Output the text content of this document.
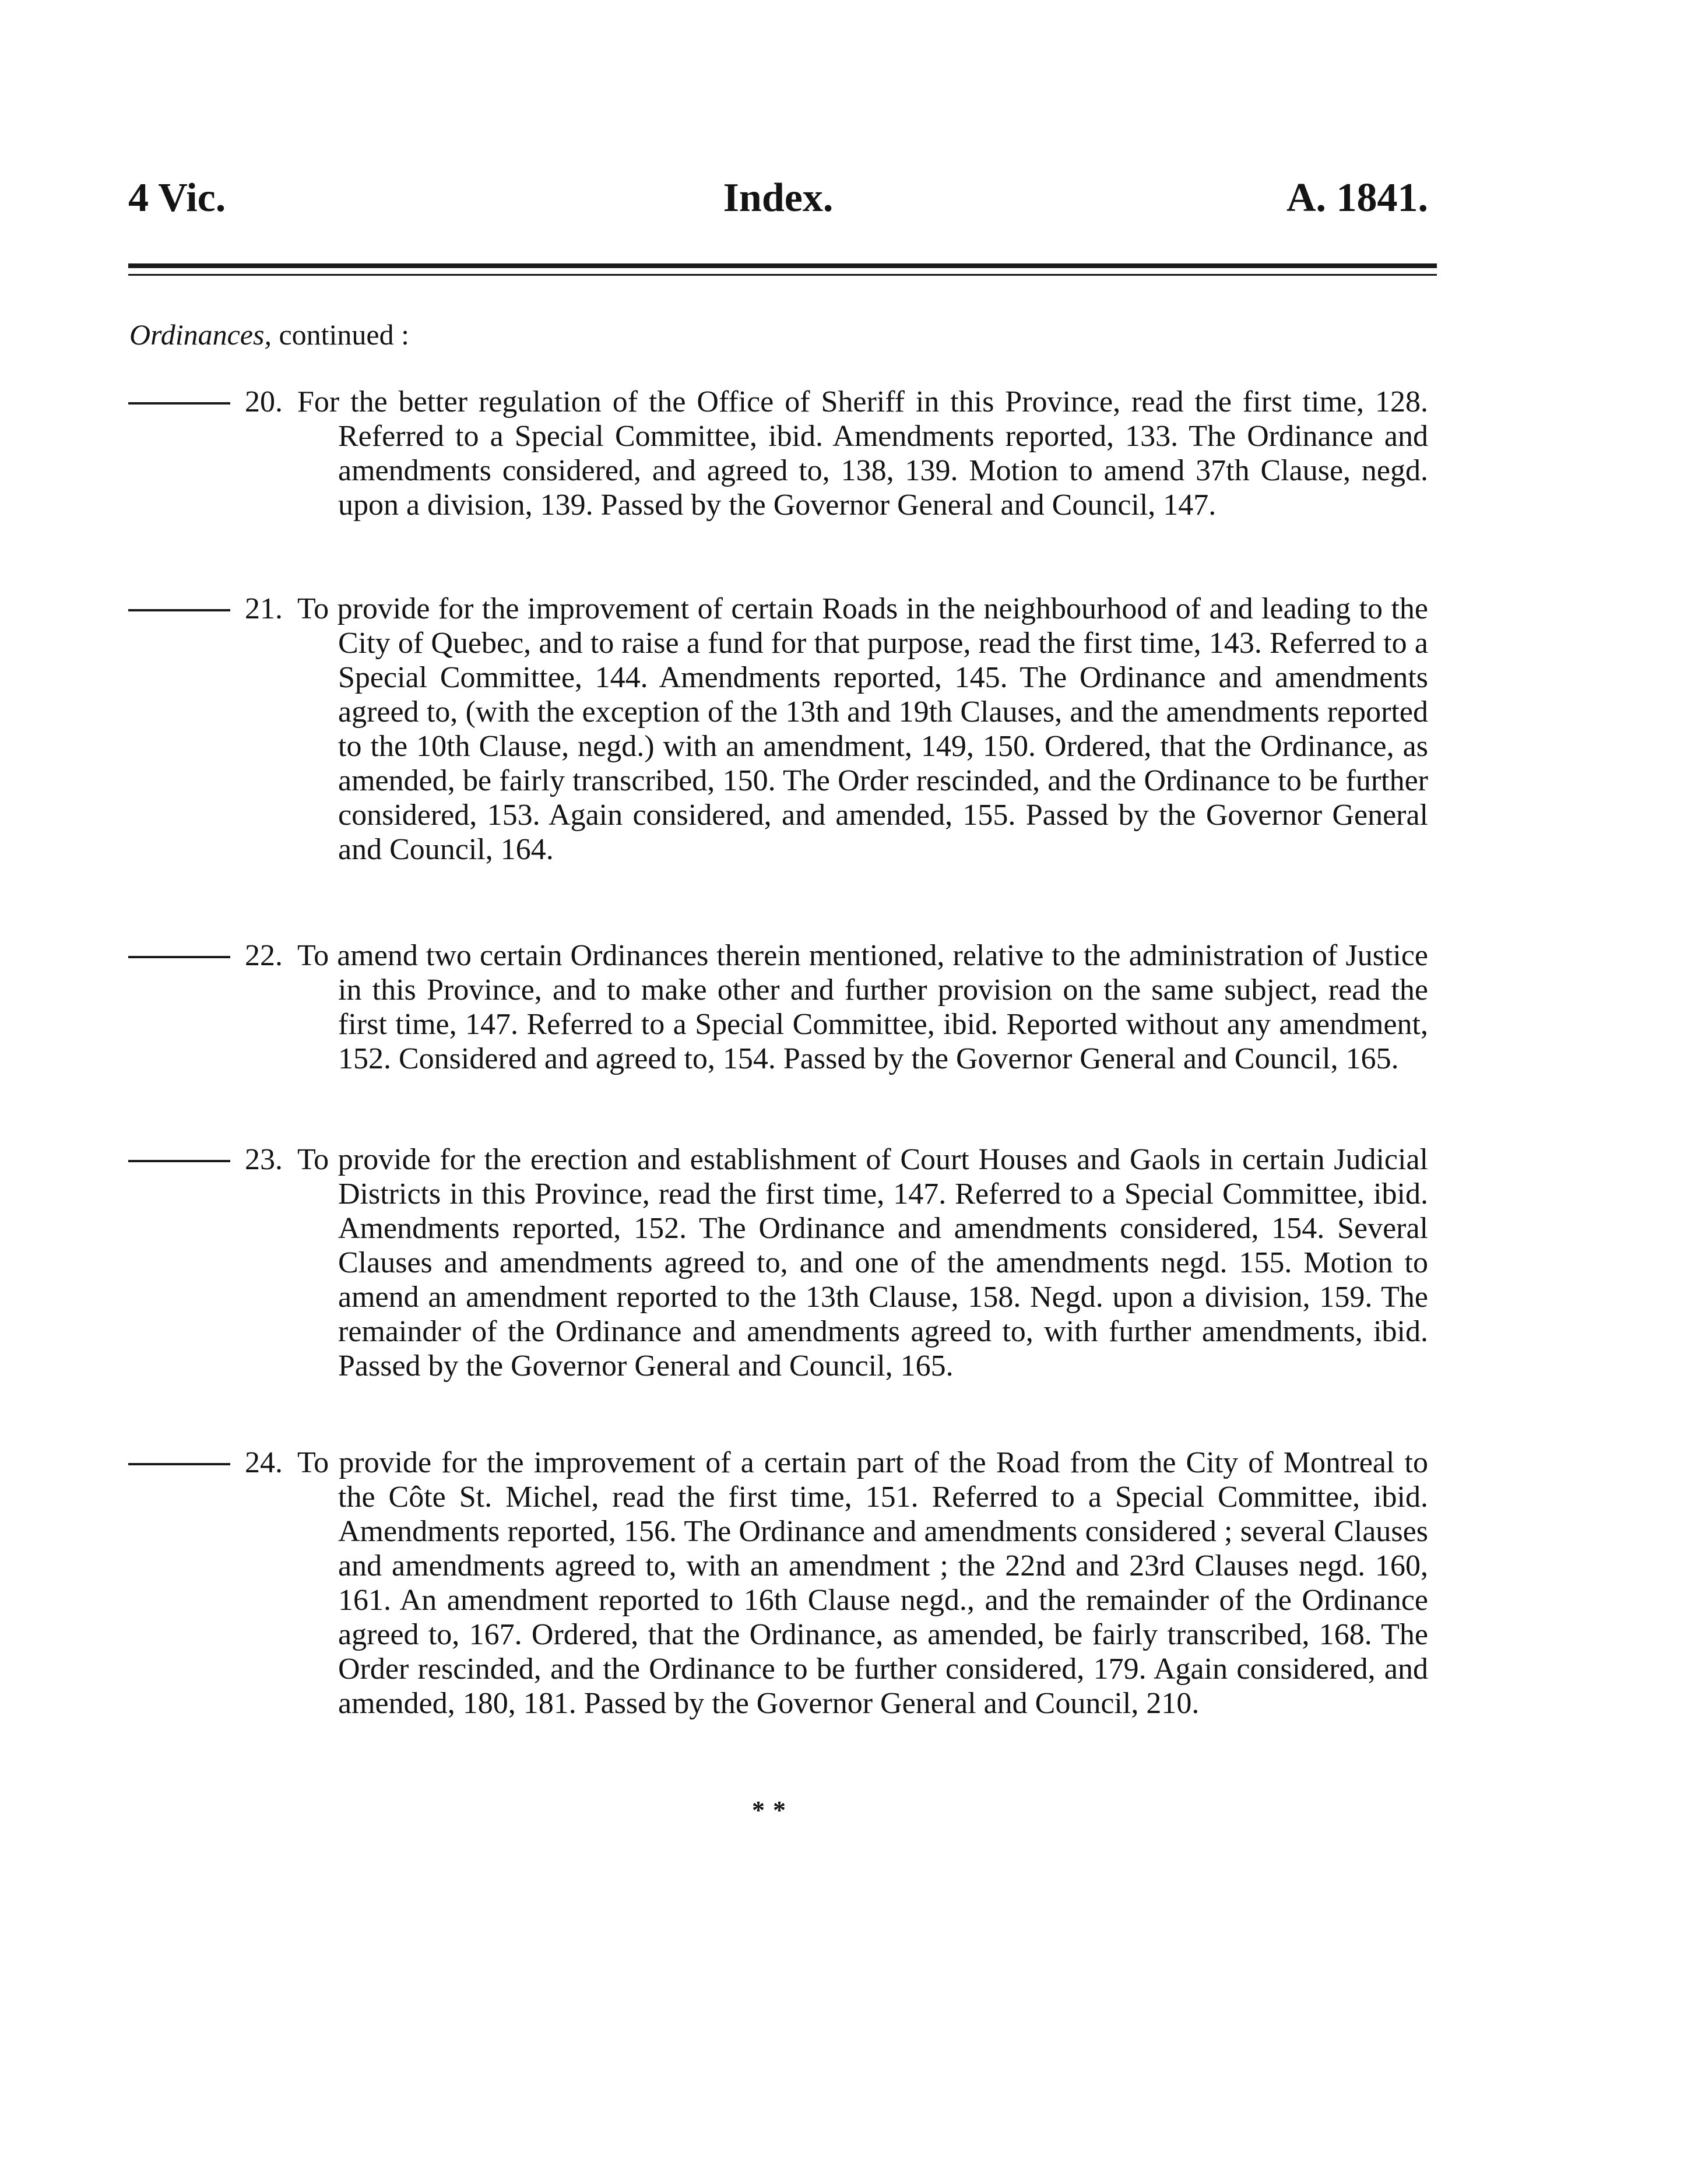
4 Vic.	Index.	A. 1841.
Ordinances, continued :
20. For the better regulation of the Office of Sheriff in this Province, read the first time, 128. Referred to a Special Committee, ibid. Amendments reported, 133. The Ordinance and amendments considered, and agreed to, 138, 139. Motion to amend 37th Clause, negd. upon a division, 139. Passed by the Governor General and Council, 147.
21. To provide for the improvement of certain Roads in the neighbourhood of and leading to the City of Quebec, and to raise a fund for that purpose, read the first time, 143. Referred to a Special Committee, 144. Amendments reported, 145. The Ordinance and amendments agreed to, (with the exception of the 13th and 19th Clauses, and the amendments reported to the 10th Clause, negd.) with an amendment, 149, 150. Ordered, that the Ordinance, as amended, be fairly transcribed, 150. The Order rescinded, and the Ordinance to be further considered, 153. Again considered, and amended, 155. Passed by the Governor General and Council, 164.
22. To amend two certain Ordinances therein mentioned, relative to the administration of Justice in this Province, and to make other and further provision on the same subject, read the first time, 147. Referred to a Special Committee, ibid. Reported without any amendment, 152. Considered and agreed to, 154. Passed by the Governor General and Council, 165.
23. To provide for the erection and establishment of Court Houses and Gaols in certain Judicial Districts in this Province, read the first time, 147. Referred to a Special Committee, ibid. Amendments reported, 152. The Ordinance and amendments considered, 154. Several Clauses and amendments agreed to, and one of the amendments negd. 155. Motion to amend an amendment reported to the 13th Clause, 158. Negd. upon a division, 159. The remainder of the Ordinance and amendments agreed to, with further amendments, ibid. Passed by the Governor General and Council, 165.
24. To provide for the improvement of a certain part of the Road from the City of Montreal to the Côte St. Michel, read the first time, 151. Referred to a Special Committee, ibid. Amendments reported, 156. The Ordinance and amendments considered ; several Clauses and amendments agreed to, with an amendment ; the 22nd and 23rd Clauses negd. 160, 161. An amendment reported to 16th Clause negd., and the remainder of the Ordinance agreed to, 167. Ordered, that the Ordinance, as amended, be fairly transcribed, 168. The Order rescinded, and the Ordinance to be further considered, 179. Again considered, and amended, 180, 181. Passed by the Governor General and Council, 210.
**
